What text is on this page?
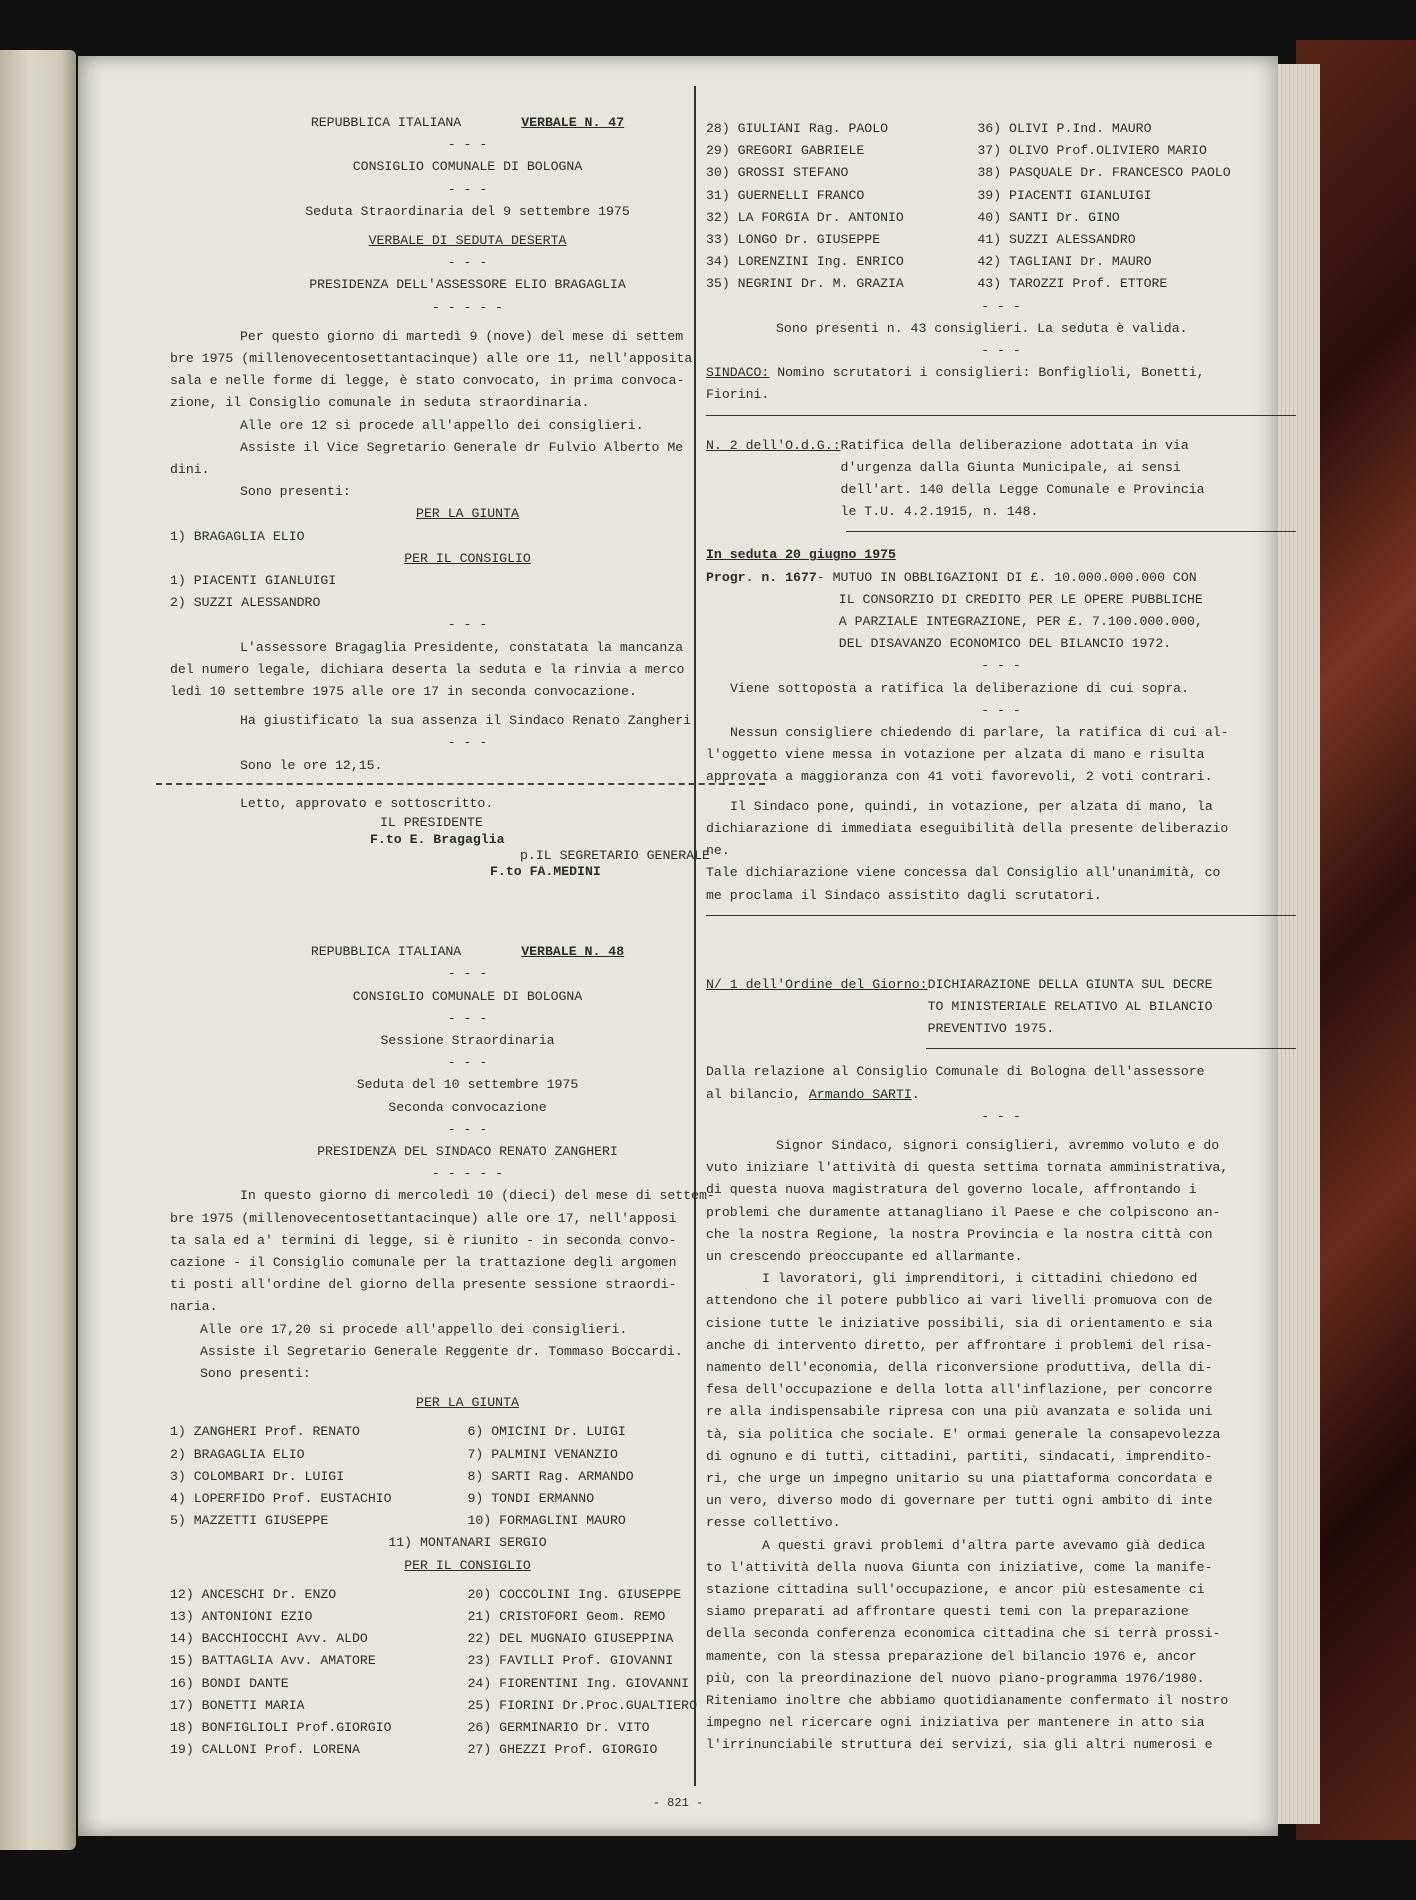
REPUBBLICA ITALIANA	VERBALE N. 47

- - -

CONSIGLIO COMUNALE DI BOLOGNA

- - -

Seduta Straordinaria del 9 settembre 1975

VERBALE DI SEDUTA DESERTA

- - -

PRESIDENZA DELL'ASSESSORE ELIO BRAGAGLIA

- - - - -

Per questo giorno di martedì 9 (nove) del mese di settem

bre 1975 (millenovecentosettantacinque) alle ore 11, nell'apposita

sala e nelle forme di legge, è stato convocato, in prima convoca-

zione, il Consiglio comunale in seduta straordinaria.

Alle ore 12 si procede all'appello dei consiglieri.

Assiste il Vice Segretario Generale dr Fulvio Alberto Me

dini.

Sono presenti:

PER LA GIUNTA

1) BRAGAGLIA ELIO

PER IL CONSIGLIO

1) PIACENTI GIANLUIGI

2) SUZZI ALESSANDRO

- - -

L'assessore Bragaglia Presidente, constatata la mancanza

del numero legale, dichiara deserta la seduta e la rinvia a merco

ledì 10 settembre 1975 alle ore 17 in seconda convocazione.

Ha giustificato la sua assenza il Sindaco Renato Zangheri.

- - -

Sono le ore 12,15.

Letto, approvato e sottoscritto.

IL PRESIDENTE

F.to E. Bragaglia

p.IL SEGRETARIO GENERALE

F.to FA.MEDINI

REPUBBLICA ITALIANA	VERBALE N. 48

- - -

CONSIGLIO COMUNALE DI BOLOGNA

- - -

Sessione Straordinaria

- - -

Seduta del 10 settembre 1975

Seconda convocazione

- - -

PRESIDENZA DEL SINDACO RENATO ZANGHERI

- - - - -

In questo giorno di mercoledì 10 (dieci) del mese di settem-

bre 1975 (millenovecentosettantacinque) alle ore 17, nell'apposi

ta sala ed a' termini di legge, si è riunito - in seconda convo-

cazione - il Consiglio comunale per la trattazione degli argomen

ti posti all'ordine del giorno della presente sessione straordi-

naria.

Alle ore 17,20 si procede all'appello dei consiglieri.

Assiste il Segretario Generale Reggente dr. Tommaso Boccardi.

Sono presenti:

PER LA GIUNTA

1) ZANGHERI Prof. RENATO

2) BRAGAGLIA ELIO

3) COLOMBARI Dr. LUIGI

4) LOPERFIDO Prof. EUSTACHIO

5) MAZZETTI GIUSEPPE

6) OMICINI Dr. LUIGI

7) PALMINI VENANZIO

8) SARTI Rag. ARMANDO

9) TONDI ERMANNO

10) FORMAGLINI MAURO

11) MONTANARI SERGIO

PER IL CONSIGLIO

12) ANCESCHI Dr. ENZO

13) ANTONIONI EZIO

14) BACCHIOCCHI Avv. ALDO

15) BATTAGLIA Avv. AMATORE

16) BONDI DANTE

17) BONETTI MARIA

18) BONFIGLIOLI Prof.GIORGIO

19) CALLONI Prof. LORENA

20) COCCOLINI Ing. GIUSEPPE

21) CRISTOFORI Geom. REMO

22) DEL MUGNAIO GIUSEPPINA

23) FAVILLI Prof. GIOVANNI

24) FIORENTINI Ing. GIOVANNI

25) FIORINI Dr.Proc.GUALTIERO

26) GERMINARIO Dr. VITO

27) GHEZZI Prof. GIORGIO

28) GIULIANI Rag. PAOLO

29) GREGORI GABRIELE

30) GROSSI STEFANO

31) GUERNELLI FRANCO

32) LA FORGIA Dr. ANTONIO

33) LONGO Dr. GIUSEPPE

34) LORENZINI Ing. ENRICO

35) NEGRINI Dr. M. GRAZIA

36) OLIVI P.Ind. MAURO

37) OLIVO Prof.OLIVIERO MARIO

38) PASQUALE Dr. FRANCESCO PAOLO

39) PIACENTI GIANLUIGI

40) SANTI Dr. GINO

41) SUZZI ALESSANDRO

42) TAGLIANI Dr. MAURO

43) TAROZZI Prof. ETTORE

- - -

Sono presenti n. 43 consiglieri. La seduta è valida.

- - -

SINDACO: Nomino scrutatori i consiglieri: Bonfiglioli, Bonetti,

Fiorini.

N. 2 dell'O.d.G.: Ratifica della deliberazione adottata in via

d'urgenza dalla Giunta Municipale, ai sensi

dell'art. 140 della Legge Comunale e Provincia

le T.U. 4.2.1915, n. 148.

In seduta 20 giugno 1975

Progr. n. 1677 - MUTUO IN OBBLIGAZIONI DI £. 10.000.000.000 CON

IL CONSORZIO DI CREDITO PER LE OPERE PUBBLICHE

A PARZIALE INTEGRAZIONE, PER £. 7.100.000.000,

DEL DISAVANZO ECONOMICO DEL BILANCIO 1972.

- - -

Viene sottoposta a ratifica la deliberazione di cui sopra.

- - -

Nessun consigliere chiedendo di parlare, la ratifica di cui al-

l'oggetto viene messa in votazione per alzata di mano e risulta

approvata a maggioranza con 41 voti favorevoli, 2 voti contrari.

Il Sindaco pone, quindi, in votazione, per alzata di mano, la

dichiarazione di immediata eseguibilità della presente deliberazio

ne.

Tale dichiarazione viene concessa dal Consiglio all'unanimità, co

me proclama il Sindaco assistito dagli scrutatori.

N/ 1 dell'Ordine del Giorno: DICHIARAZIONE DELLA GIUNTA SUL DECRE

TO MINISTERIALE RELATIVO AL BILANCIO

PREVENTIVO 1975.

Dalla relazione al Consiglio Comunale di Bologna dell'assessore

al bilancio, Armando SARTI.

- - -

Signor Sindaco, signori consiglieri, avremmo voluto e do

vuto iniziare l'attività di questa settima tornata amministrativa,

di questa nuova magistratura del governo locale, affrontando i

problemi che duramente attanagliano il Paese e che colpiscono an-

che la nostra Regione, la nostra Provincia e la nostra città con

un crescendo preoccupante ed allarmante.

I lavoratori, gli imprenditori, i cittadini chiedono ed

attendono che il potere pubblico ai vari livelli promuova con de

cisione tutte le iniziative possibili, sia di orientamento e sia

anche di intervento diretto, per affrontare i problemi del risa-

namento dell'economia, della riconversione produttiva, della di-

fesa dell'occupazione e della lotta all'inflazione, per concorre

re alla indispensabile ripresa con una più avanzata e solida uni

tà, sia politica che sociale. E' ormai generale la consapevolezza

di ognuno e di tutti, cittadini, partiti, sindacati, imprendito-

ri, che urge un impegno unitario su una piattaforma concordata e

un vero, diverso modo di governare per tutti ogni ambito di inte

resse collettivo.

A questi gravi problemi d'altra parte avevamo già dedica

to l'attività della nuova Giunta con iniziative, come la manife-

stazione cittadina sull'occupazione, e ancor più estesamente ci

siamo preparati ad affrontare questi temi con la preparazione

della seconda conferenza economica cittadina che si terrà prossi-

mamente, con la stessa preparazione del bilancio 1976 e, ancor

più, con la preordinazione del nuovo piano-programma 1976/1980.

Riteniamo inoltre che abbiamo quotidianamente confermato il nostro

impegno nel ricercare ogni iniziativa per mantenere in atto sia

l'irrinunciabile struttura dei servizi, sia gli altri numerosi e

- 821 -
